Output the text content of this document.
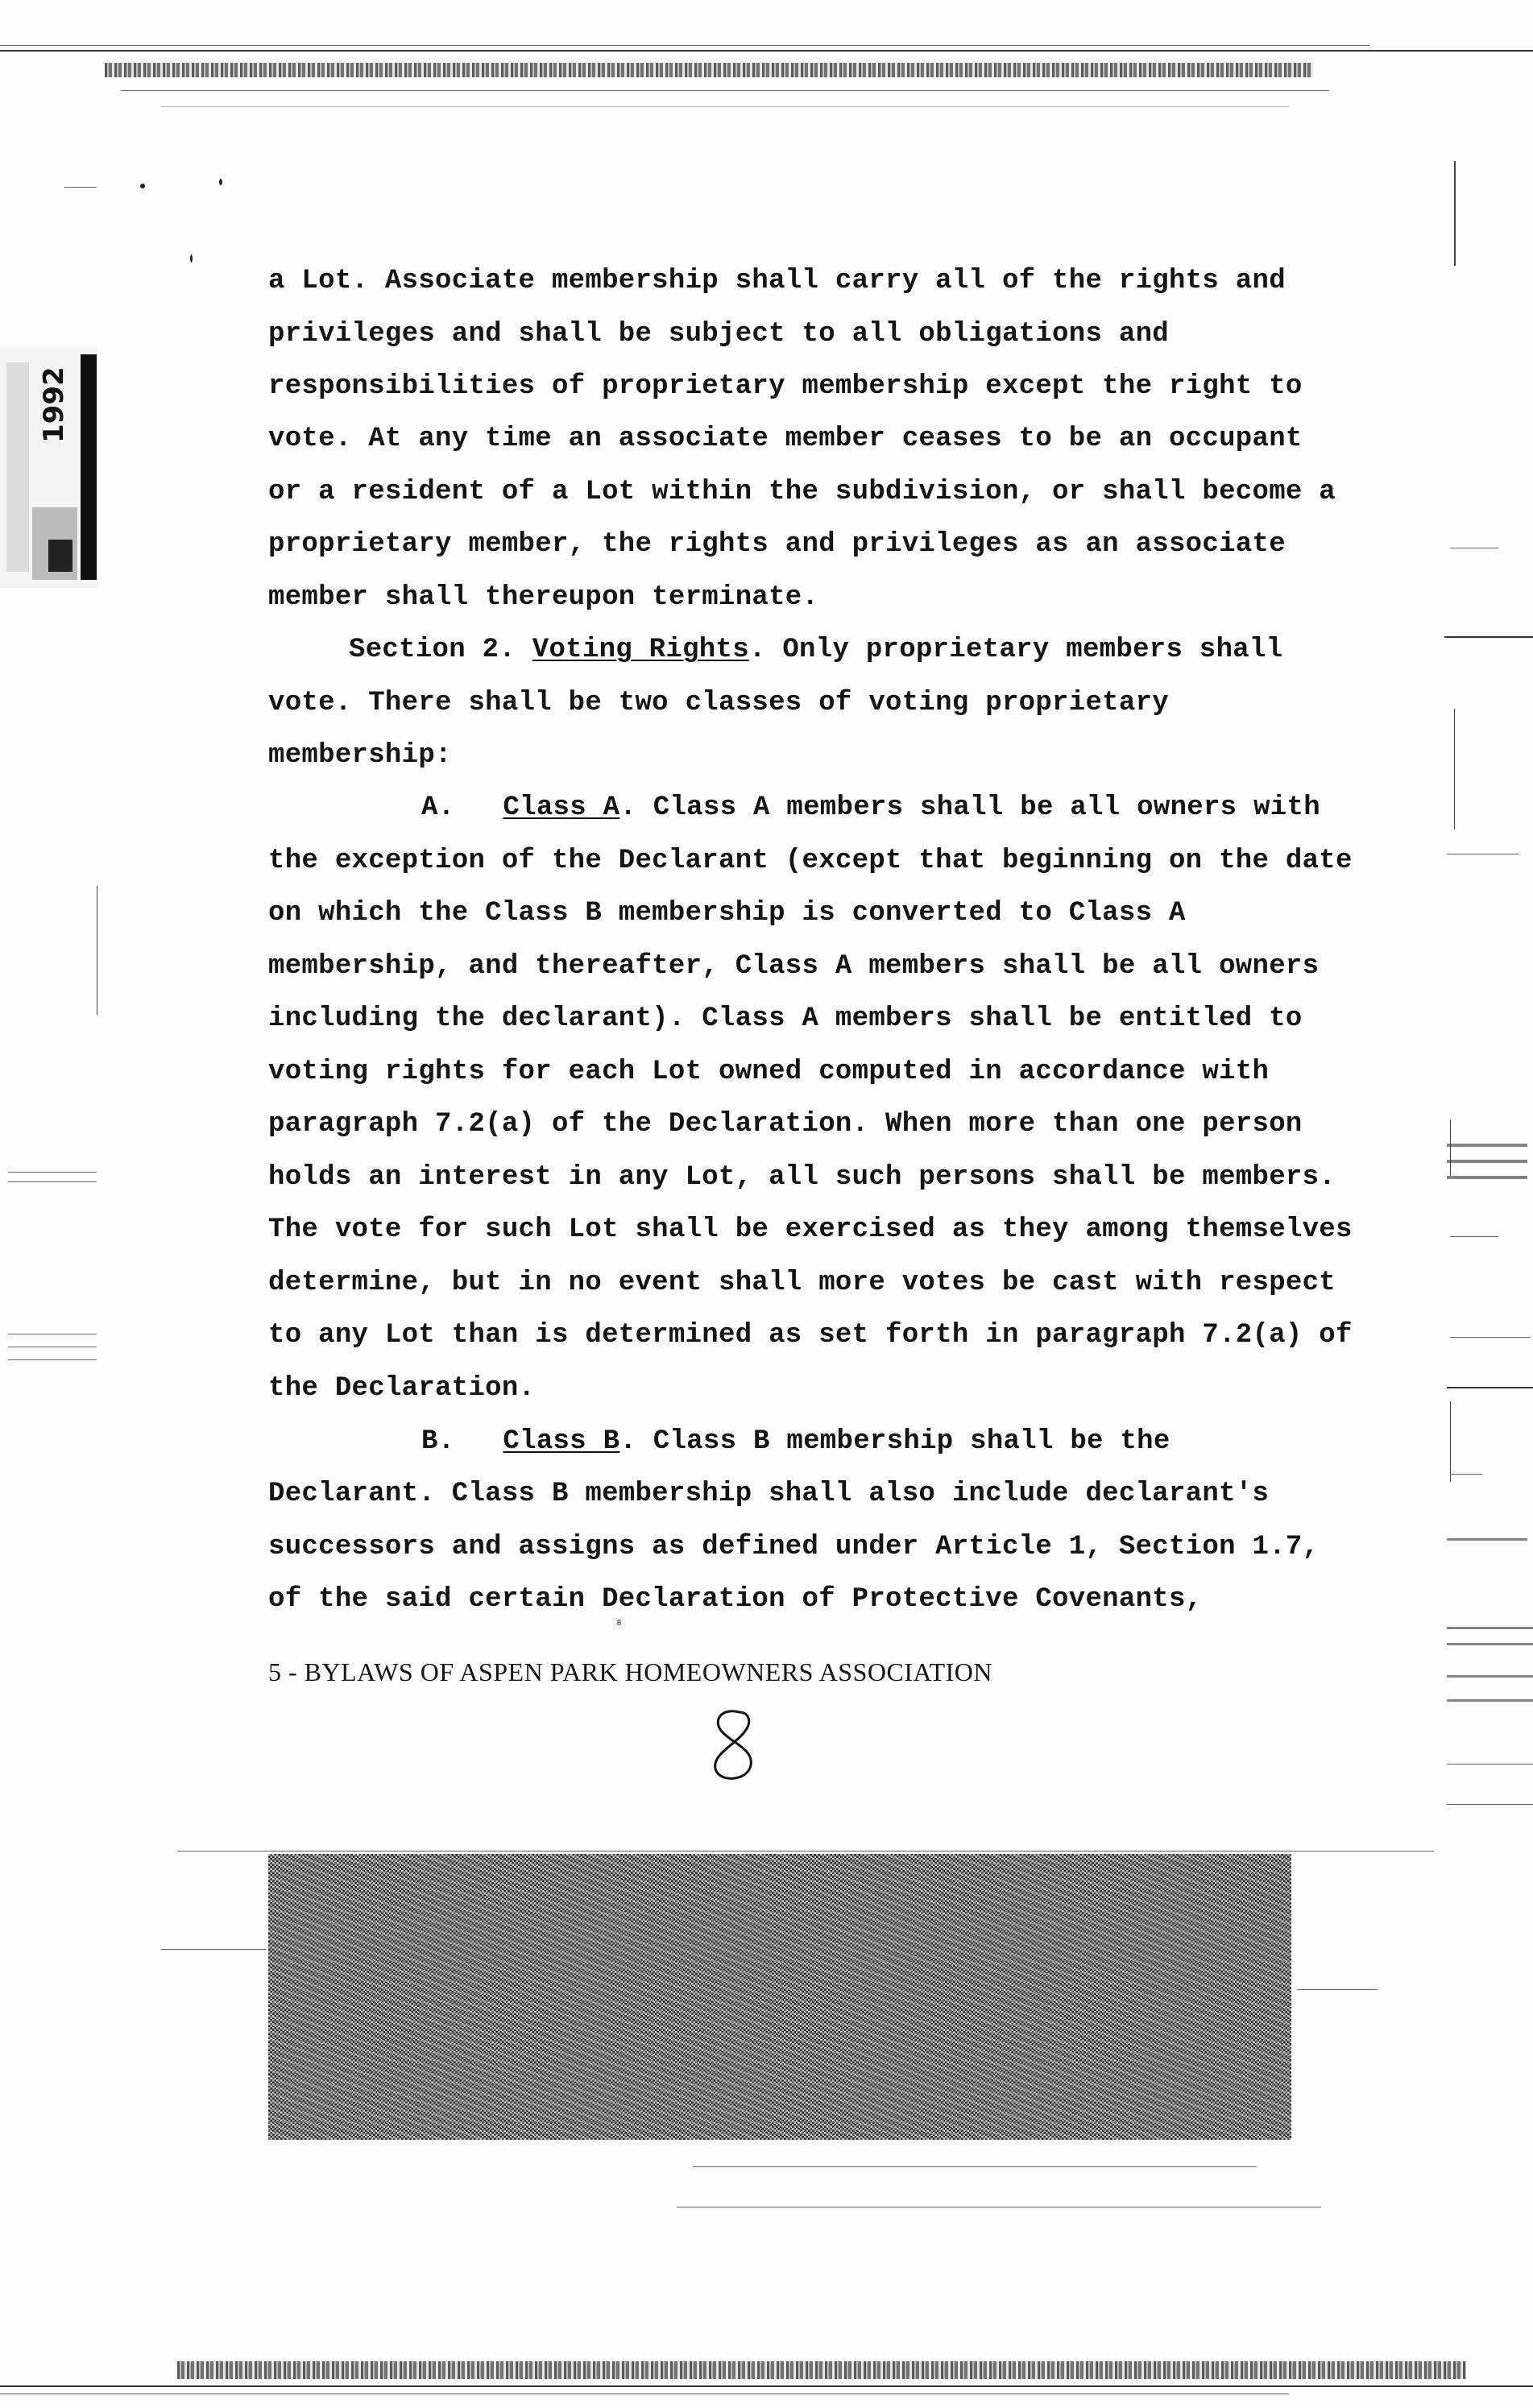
1992
a Lot. Associate membership shall carry all of the rights and
privileges and shall be subject to all obligations and
responsibilities of proprietary membership except the right to
vote. At any time an associate member ceases to be an occupant
or a resident of a Lot within the subdivision, or shall become a
proprietary member, the rights and privileges as an associate
member shall thereupon terminate.
Section 2. Voting Rights. Only proprietary members shall
vote. There shall be two classes of voting proprietary
membership:
A. Class A. Class A members shall be all owners with
the exception of the Declarant (except that beginning on the date
on which the Class B membership is converted to Class A
membership, and thereafter, Class A members shall be all owners
including the declarant). Class A members shall be entitled to
voting rights for each Lot owned computed in accordance with
paragraph 7.2(a) of the Declaration. When more than one person
holds an interest in any Lot, all such persons shall be members.
The vote for such Lot shall be exercised as they among themselves
determine, but in no event shall more votes be cast with respect
to any Lot than is determined as set forth in paragraph 7.2(a) of
the Declaration.
B. Class B. Class B membership shall be the
Declarant. Class B membership shall also include declarant's
successors and assigns as defined under Article 1, Section 1.7,
of the said certain Declaration of Protective Covenants,
5 - BYLAWS OF ASPEN PARK HOMEOWNERS ASSOCIATION
8
